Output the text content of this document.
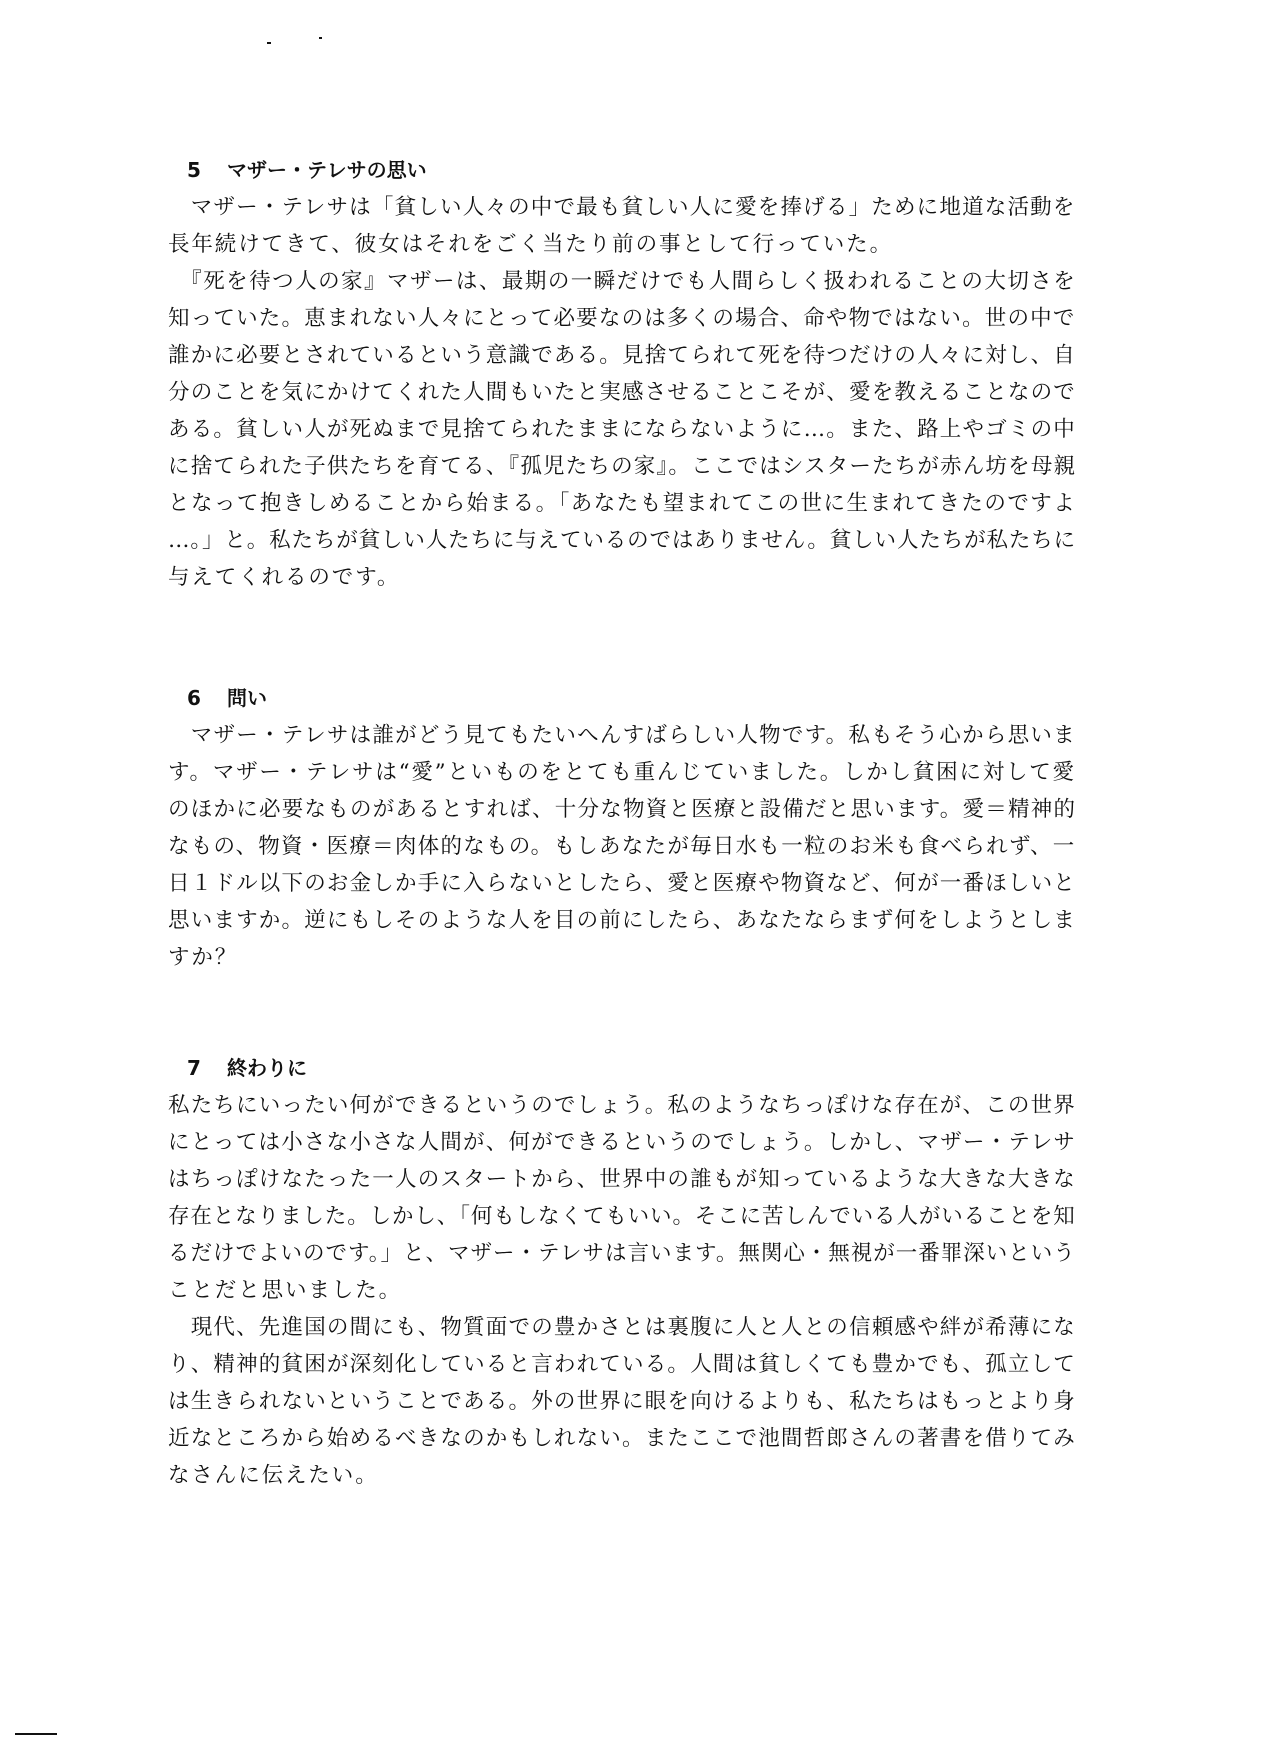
5 マザー・テレサの思い
　マザー・テレサは「貧しい人々の中で最も貧しい人に愛を捧げる」ために地道な活動を
長年続けてきて、彼女はそれをごく当たり前の事として行っていた。
　『死を待つ人の家』マザーは、最期の一瞬だけでも人間らしく扱われることの大切さを
知っていた。恵まれない人々にとって必要なのは多くの場合、命や物ではない。世の中で
誰かに必要とされているという意識である。見捨てられて死を待つだけの人々に対し、自
分のことを気にかけてくれた人間もいたと実感させることこそが、愛を教えることなので
ある。貧しい人が死ぬまで見捨てられたままにならないように…。また、路上やゴミの中
に捨てられた子供たちを育てる、『孤児たちの家』。ここではシスターたちが赤ん坊を母親
となって抱きしめることから始まる。「あなたも望まれてこの世に生まれてきたのですよ
…。」と。私たちが貧しい人たちに与えているのではありません。貧しい人たちが私たちに
与えてくれるのです。
6 問い
　マザー・テレサは誰がどう見てもたいへんすばらしい人物です。私もそう心から思いま
す。マザー・テレサは“愛”といものをとても重んじていました。しかし貧困に対して愛
のほかに必要なものがあるとすれば、十分な物資と医療と設備だと思います。愛＝精神的
なもの、物資・医療＝肉体的なもの。もしあなたが毎日水も一粒のお米も食べられず、一
日１ドル以下のお金しか手に入らないとしたら、愛と医療や物資など、何が一番ほしいと
思いますか。逆にもしそのような人を目の前にしたら、あなたならまず何をしようとしま
すか？
7 終わりに
私たちにいったい何ができるというのでしょう。私のようなちっぽけな存在が、この世界
にとっては小さな小さな人間が、何ができるというのでしょう。しかし、マザー・テレサ
はちっぽけなたった一人のスタートから、世界中の誰もが知っているような大きな大きな
存在となりました。しかし、「何もしなくてもいい。そこに苦しんでいる人がいることを知
るだけでよいのです。」と、マザー・テレサは言います。無関心・無視が一番罪深いという
ことだと思いました。
　現代、先進国の間にも、物質面での豊かさとは裏腹に人と人との信頼感や絆が希薄にな
り、精神的貧困が深刻化していると言われている。人間は貧しくても豊かでも、孤立して
は生きられないということである。外の世界に眼を向けるよりも、私たちはもっとより身
近なところから始めるべきなのかもしれない。またここで池間哲郎さんの著書を借りてみ
なさんに伝えたい。
